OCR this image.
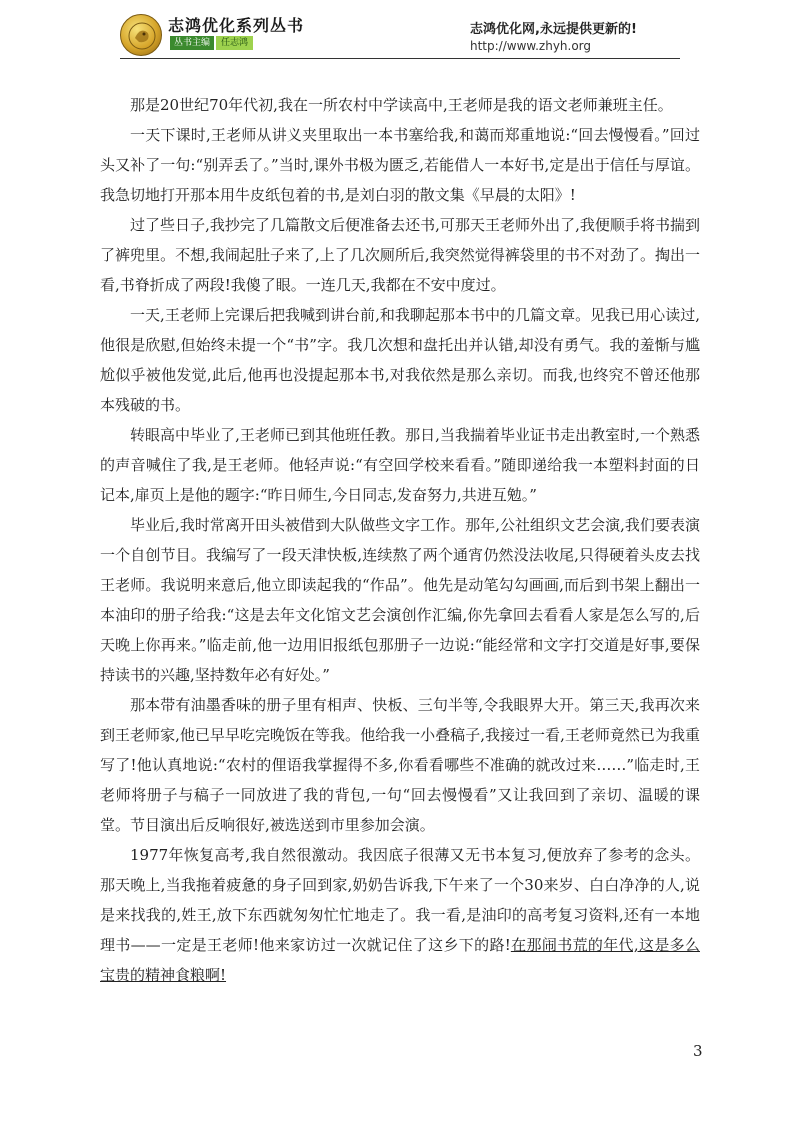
志鸿优化系列丛书
丛书主编	任志鸿
志鸿优化网,永远提供更新的!
http://www.zhyh.org

那是20世纪70年代初,我在一所农村中学读高中,王老师是我的语文老师兼班主任。

一天下课时,王老师从讲义夹里取出一本书塞给我,和蔼而郑重地说:“回去慢慢看。”回过头又补了一句:“别弄丢了。”当时,课外书极为匮乏,若能借人一本好书,定是出于信任与厚谊。我急切地打开那本用牛皮纸包着的书,是刘白羽的散文集《早晨的太阳》!

过了些日子,我抄完了几篇散文后便准备去还书,可那天王老师外出了,我便顺手将书揣到了裤兜里。不想,我闹起肚子来了,上了几次厕所后,我突然觉得裤袋里的书不对劲了。掏出一看,书脊折成了两段!我傻了眼。一连几天,我都在不安中度过。

一天,王老师上完课后把我喊到讲台前,和我聊起那本书中的几篇文章。见我已用心读过,他很是欣慰,但始终未提一个“书”字。我几次想和盘托出并认错,却没有勇气。我的羞惭与尴尬似乎被他发觉,此后,他再也没提起那本书,对我依然是那么亲切。而我,也终究不曾还他那本残破的书。

转眼高中毕业了,王老师已到其他班任教。那日,当我揣着毕业证书走出教室时,一个熟悉的声音喊住了我,是王老师。他轻声说:“有空回学校来看看。”随即递给我一本塑料封面的日记本,扉页上是他的题字:“昨日师生,今日同志,发奋努力,共进互勉。”

毕业后,我时常离开田头被借到大队做些文字工作。那年,公社组织文艺会演,我们要表演一个自创节目。我编写了一段天津快板,连续熬了两个通宵仍然没法收尾,只得硬着头皮去找王老师。我说明来意后,他立即读起我的“作品”。他先是动笔勾勾画画,而后到书架上翻出一本油印的册子给我:“这是去年文化馆文艺会演创作汇编,你先拿回去看看人家是怎么写的,后天晚上你再来。”临走前,他一边用旧报纸包那册子一边说:“能经常和文字打交道是好事,要保持读书的兴趣,坚持数年必有好处。”

那本带有油墨香味的册子里有相声、快板、三句半等,令我眼界大开。第三天,我再次来到王老师家,他已早早吃完晚饭在等我。他给我一小叠稿子,我接过一看,王老师竟然已为我重写了!他认真地说:“农村的俚语我掌握得不多,你看看哪些不准确的就改过来……”临走时,王老师将册子与稿子一同放进了我的背包,一句“回去慢慢看”又让我回到了亲切、温暖的课堂。节目演出后反响很好,被选送到市里参加会演。

1977年恢复高考,我自然很激动。我因底子很薄又无书本复习,便放弃了参考的念头。那天晚上,当我拖着疲惫的身子回到家,奶奶告诉我,下午来了一个30来岁、白白净净的人,说是来找我的,姓王,放下东西就匆匆忙忙地走了。我一看,是油印的高考复习资料,还有一本地理书——一定是王老师!他来家访过一次就记住了这乡下的路!在那闹书荒的年代,这是多么宝贵的精神食粮啊!

3
